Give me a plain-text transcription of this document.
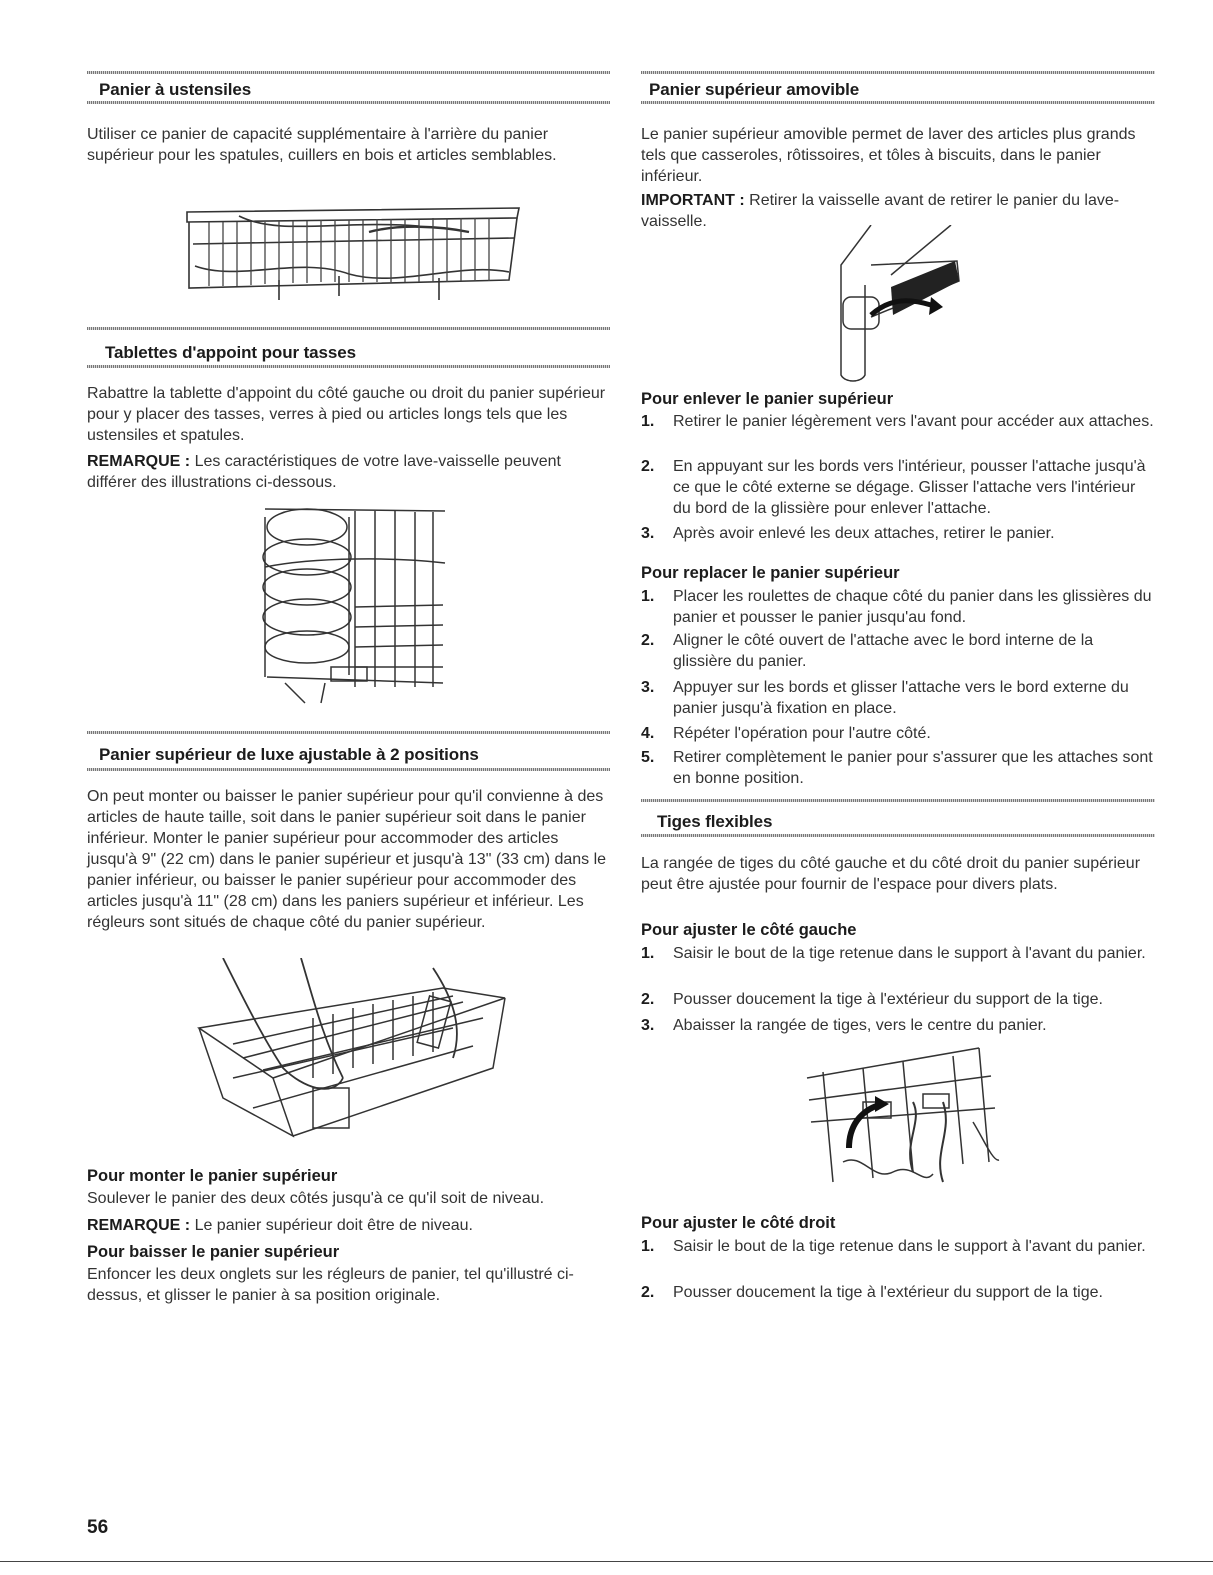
Panier à ustensiles

Utiliser ce panier de capacité supplémentaire à l'arrière du panier supérieur pour les spatules, cuillers en bois et articles semblables.

Tablettes d'appoint pour tasses

Rabattre la tablette d'appoint du côté gauche ou droit du panier supérieur pour y placer des tasses, verres à pied ou articles longs tels que les ustensiles et spatules.

REMARQUE : Les caractéristiques de votre lave-vaisselle peuvent différer des illustrations ci-dessous.

Panier supérieur de luxe ajustable à 2 positions

On peut monter ou baisser le panier supérieur pour qu'il convienne à des articles de haute taille, soit dans le panier supérieur soit dans le panier inférieur. Monter le panier supérieur pour accommoder des articles jusqu'à 9" (22 cm) dans le panier supérieur et jusqu'à 13" (33 cm) dans le panier inférieur, ou baisser le panier supérieur pour accommoder des articles jusqu'à 11" (28 cm) dans les paniers supérieur et inférieur. Les régleurs sont situés de chaque côté du panier supérieur.

Pour monter le panier supérieur

Soulever le panier des deux côtés jusqu'à ce qu'il soit de niveau.

REMARQUE : Le panier supérieur doit être de niveau.

Pour baisser le panier supérieur

Enfoncer les deux onglets sur les régleurs de panier, tel qu'illustré ci-dessus, et glisser le panier à sa position originale.

Panier supérieur amovible

Le panier supérieur amovible permet de laver des articles plus grands tels que casseroles, rôtissoires, et tôles à biscuits, dans le panier inférieur.

IMPORTANT : Retirer la vaisselle avant de retirer le panier du lave-vaisselle.

Pour enlever le panier supérieur

1.	Retirer le panier légèrement vers l'avant pour accéder aux attaches.
2.	En appuyant sur les bords vers l'intérieur, pousser l'attache jusqu'à ce que le côté externe se dégage. Glisser l'attache vers l'intérieur du bord de la glissière pour enlever l'attache.
3.	Après avoir enlevé les deux attaches, retirer le panier.

Pour replacer le panier supérieur

1.	Placer les roulettes de chaque côté du panier dans les glissières du panier et pousser le panier jusqu'au fond.
2.	Aligner le côté ouvert de l'attache avec le bord interne de la glissière du panier.
3.	Appuyer sur les bords et glisser l'attache vers le bord externe du panier jusqu'à fixation en place.
4.	Répéter l'opération pour l'autre côté.
5.	Retirer complètement le panier pour s'assurer que les attaches sont en bonne position.
Tiges flexibles

La rangée de tiges du côté gauche et du côté droit du panier supérieur peut être ajustée pour fournir de l'espace pour divers plats.

Pour ajuster le côté gauche

1.	Saisir le bout de la tige retenue dans le support à l'avant du panier.
2.	Pousser doucement la tige à l'extérieur du support de la tige.
3.	Abaisser la rangée de tiges, vers le centre du panier.

Pour ajuster le côté droit

1.	Saisir le bout de la tige retenue dans le support à l'avant du panier.
2.	Pousser doucement la tige à l'extérieur du support de la tige.
56
